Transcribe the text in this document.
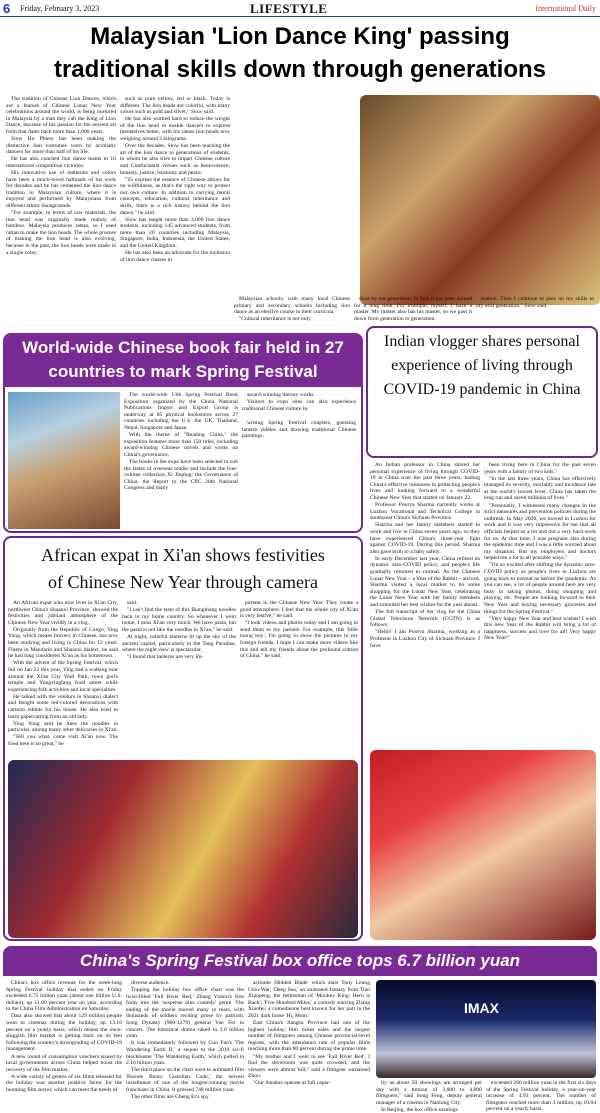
6 Friday, February 3, 2023	LIFESTYLE	International Daily
Malaysian 'Lion Dance King' passing
traditional skills down through generations

The tradition of Chinese Lion Dances, which are a feature of Chinese Lunar New Year celebrations around the world, is being nurtured in Malaysia by a man they call the King of Lion Dance, because of his passion for the ancient art form that dates back more than 1,000 years.

Siow Ho Phiew has been making the distinctive lion costumes worn by acrobatic dancers for more than half of his life.

He has also coached lion dance teams to 10 international competition victories.

His innovative use of materials and colors have been a much-loved hallmark of his work for decades and he has cemented the lion dance tradition in Malaysian culture, where it is enjoyed and performed by Malaysians from different ethnic backgrounds.

"For example, in terms of raw materials, the lion head was originally made mainly of bamboo. Malaysia produces rattan, so I used rattan to make the lion heads. The whole process of making the lion head is also evolving, because in the past, the lion heads were made in a single color,

such as pure yellow, red or black. Today is different. The lion heads are colorful, with many colors such as gold and silver," Siow said.

He has also worked hard to reduce the weight of the lion head to enable dancers to express themselves better, with his rattan lion heads now weighing around 3 kilograms.

Over the decades, Siow has been teaching the art of the lion dance to generations of students, to whom he also tries to impart Chinese culture and Confucianist virtues such as benevolence, honesty, justice, harmony and peace.

"To express the essence of Chinese allows for no willfulness, as that's the right way to protect our own culture. In addition to carrying moral concepts, education, cultural inheritance and skills, there is a rich history behind the lion dance," he said.

Siow has taught more than 3,000 lion dance students, including 145 advanced students, from more than 20 countries including Malaysia, Singapore, India, Indonesia, the United States, and the United Kingdom.

He has also been an advocate for the inclusion of lion dance classes in

Malaysian schools, with many local Chinese primary and secondary schools including lion dance as an elective course in their curricula.

"Cultural inheritance is not only

done by our generation. In fact, it has been around for a long time. For example, myself, I have a master. My master also has his master, so we pass it down from generation to generation.

eration. Then I continue to pass on my skills to my next generation," Siow said.

World-wide Chinese book fair held in 27
countries to mark Spring Festival

The world-wide 13th Spring Festival Book Exposition organized by the China National Publications Import and Export Group is underway at 85 physical bookstores across 27 countries including the U.S. the UK, Thailand, Nepal, Singapore and Japan.

With the theme of "Reading China," the exposition features more than 150 titles, including award-winning Chinese novels and works on China's governance.

The books in the expo have been selected to suit the tastes of overseas reader and include the four-volume collection Xi Jinping: the Governance of China, the Report to the CPC 20th National Congress and many

award-winning literary works.

Visitors to expo sites can also experience traditional Chinese culture by

writing Spring Festival couplets, guessing lantern riddles and drawing traditional Chinese paintings.

Indian vlogger shares personal
experience of living through
COVID-19 pandemic in China

An Indian professor in China shared her personal experience of living through COVID-19 in China over the past three years, hailing China's effective measures in protecting people's lives and looking forward to a wonderful Chinese New Year that started on January 22.

Professor Poorva Sharma currently works at Luzhou Vocational and Technical College in southwest China's Sichuan Province.

Sharma and her family members started to work and live in China seven years ago, so they have experienced China's three-year fight against COVID-19. During this period, Sharma also gave birth to a baby safely.

In early December last year, China refined its dynamic zero-COVID policy, and people's life gradually returned to normal. As the Chinese Lunar New Year – a Year of the Rabbit – arrived, Sharma visited a local market to do some shopping for the Lunar New Year, celebrating the Lunar New Year with her family members and extended her best wishes for the year ahead.

The full transcript of her vlog for the China Global Television Network (CGTN) is as follows:

"Hello! I am Poorva Sharma, working as a Professor in Luzhou City of Sichuan Province. I have

been living here in China for the past seven years with a family of two kids."

"In the last three years, China has effectively managed its severity, mortality and incidence rate at the world's lowest level. China has taken the long run and saved millions of lives."

"Personally, I witnessed many changes in the strict measures and prevention policies during the outbreak. In May 2020, we moved to Luzhou for work and it was very impressive for me that all officials helped us a lot and did a very hard work for us. At that time, I was pregnant also during the epidemic time and I was a little worried about my situation. But my employers and doctors helped me a lot in all possible ways."

"I'm so excited after shifting the dynamic zero-COVID policy as people's lives in Luzhou are going back to normal as before the pandemic. As you can see, a lot of people around here are very busy in taking photos, doing shopping and playing, etc. People are looking forward to their New Year and buying necessary groceries and things for the Spring Festival."

"Very happy New Year and best wishes! I wish this new Year of the Rabbit will bring a lot of happiness, success and love for all! Very happy New Year!"

African expat in Xi'an shows festivities
of Chinese New Year through camera

An African expat who now lives in Xi'an City, northwest China's Shaanxi Province, showed the festivities and jubilant atmosphere of the Chinese New Year vividly in a vlog.

Originally from the Republic of Congo, Ying Yong, which means bravery in Chinese, has now been studying and living in China for 12 years. Fluent in Mandarin and Shaanxi dialect, he said he had long considered Xi'an as his hometown.

With the advent of the Spring Festival, which fell on Jan 22 this year, Ying had a walking tour around the Xi'an City Wall Park, town god's temple and Yongxingfang food street while experiencing folk activities and local specialties.

He talked with the vendors in Shaanxi dialect and bought some red-colored decorations with cartoon rabbits for his house. He also tried to learn papercutting from an old lady.

Ying Yong said he likes the noodles in particular, among many other delicacies in Xi'an.

"Tell you what, come visit Xi'an now. The food here is so great," he

said.

"I can't find the taste of this Biangbiang noodles back in my home country. So whenever I went home, I miss Xi'an very much. We have pasta, but the pasta is not like the noodles in Xi'an," he said.

At night, colorful lanterns lit up the sky of the ancient capital, particularly in the Tang Paradise, where the night view is spectacular.

"I found that lanterns are very im-

portant in the Chinese New Year. They create a good atmosphere. I feel that the whole city of Xi'an is very festive," he said.

"I took videos and photos today and I am going to send them to my parents. For example, this 'little loong boy', I'm going to show the pictures to my foreign friends. I hope I can make more videos like this and tell my friends about the profound culture of China," he said.

China's Spring Festival box office tops 6.7 billion yuan

China's box office revenue for the week-long Spring Festival holiday that ended on Friday exceeded 6.75 billion yuan (about one billion U.S. dollars), up 11.89 percent year on year, according to the China Film Administration on Saturday.

Data also showed that about 129 million people went to cinemas during the holiday, up 13.16 percent on a yearly basis, which means the once-sluggish film market is getting back on its feet following the country's downgrading of COVID-19 management.

A new round of consumption vouchers issued by local governments across China helped boost the recovery of the film market.

A wide variety of genres of six films released for the holiday was another positive factor for the booming film sector, which can meet the needs of

diverse audience.

Topping the holiday box office chart was the twist-filled 'Full River Red,' Zhang Yimou's first foray into the 'suspense plus comedy' genre. The ending of the movie moved many to tears, with thousands of soldiers reciting prose by patriotic Song Dynasty (960-1279) general Yue Fei in concert. The historical drama raked in 2.6 billion yuan.

It was immediately followed by Guo Fan's 'The Wandering Earth II,' a sequel to the 2019 sci-fi blockbuster 'The Wandering Earth,' which pulled in 2.16 billion yuan.

The third place on the chart went to animated film 'Boonie Bears: Guardian Code,' the newest installment of one of the longest-running movie franchises in China. It grossed 748 million yuan.

The other films are Cheng Er's spy

actioner 'Hidden Blade' which stars Tony Leung Chiu-Wai; 'Deep Sea,' an animated fantasy from Tian Xiaopeng, the helmsman of 'Monkey King: Hero is Back'; 'Five Hundred Miles,' a comedy starring Zhang Xiaofei, a comedienne best known for her part in the 2021 dark horse 'Hi, Mom.'

East China's Jiangsu Province had one of the highest holiday film ticket sales and the largest number of filmgoers among Chinese provincial-level regions, with the attendance rate of popular films reaching more than 80 percent during the prime time.

"My mother and I went to see 'Full River Red'. I find the showroom was quite crowded, and the viewers were almost full," said a filmgoer surnamed Zhou.

"Our theaters operate at full capac-

IMAX

ity as about 50 showings are arranged per day with a turnout of 3,000 to 4,000 filmgoers," said Song Feng, deputy general manager of a cinema in Nantong City.

In Beijing, the box office earnings

exceeded 200 million yuan in the first six days of the Spring Festival holiday, a year-on-year increase of 4.93 percent. The number of filmgoers reached more than 3 million, up 10.84 percent on a yearly basis.
